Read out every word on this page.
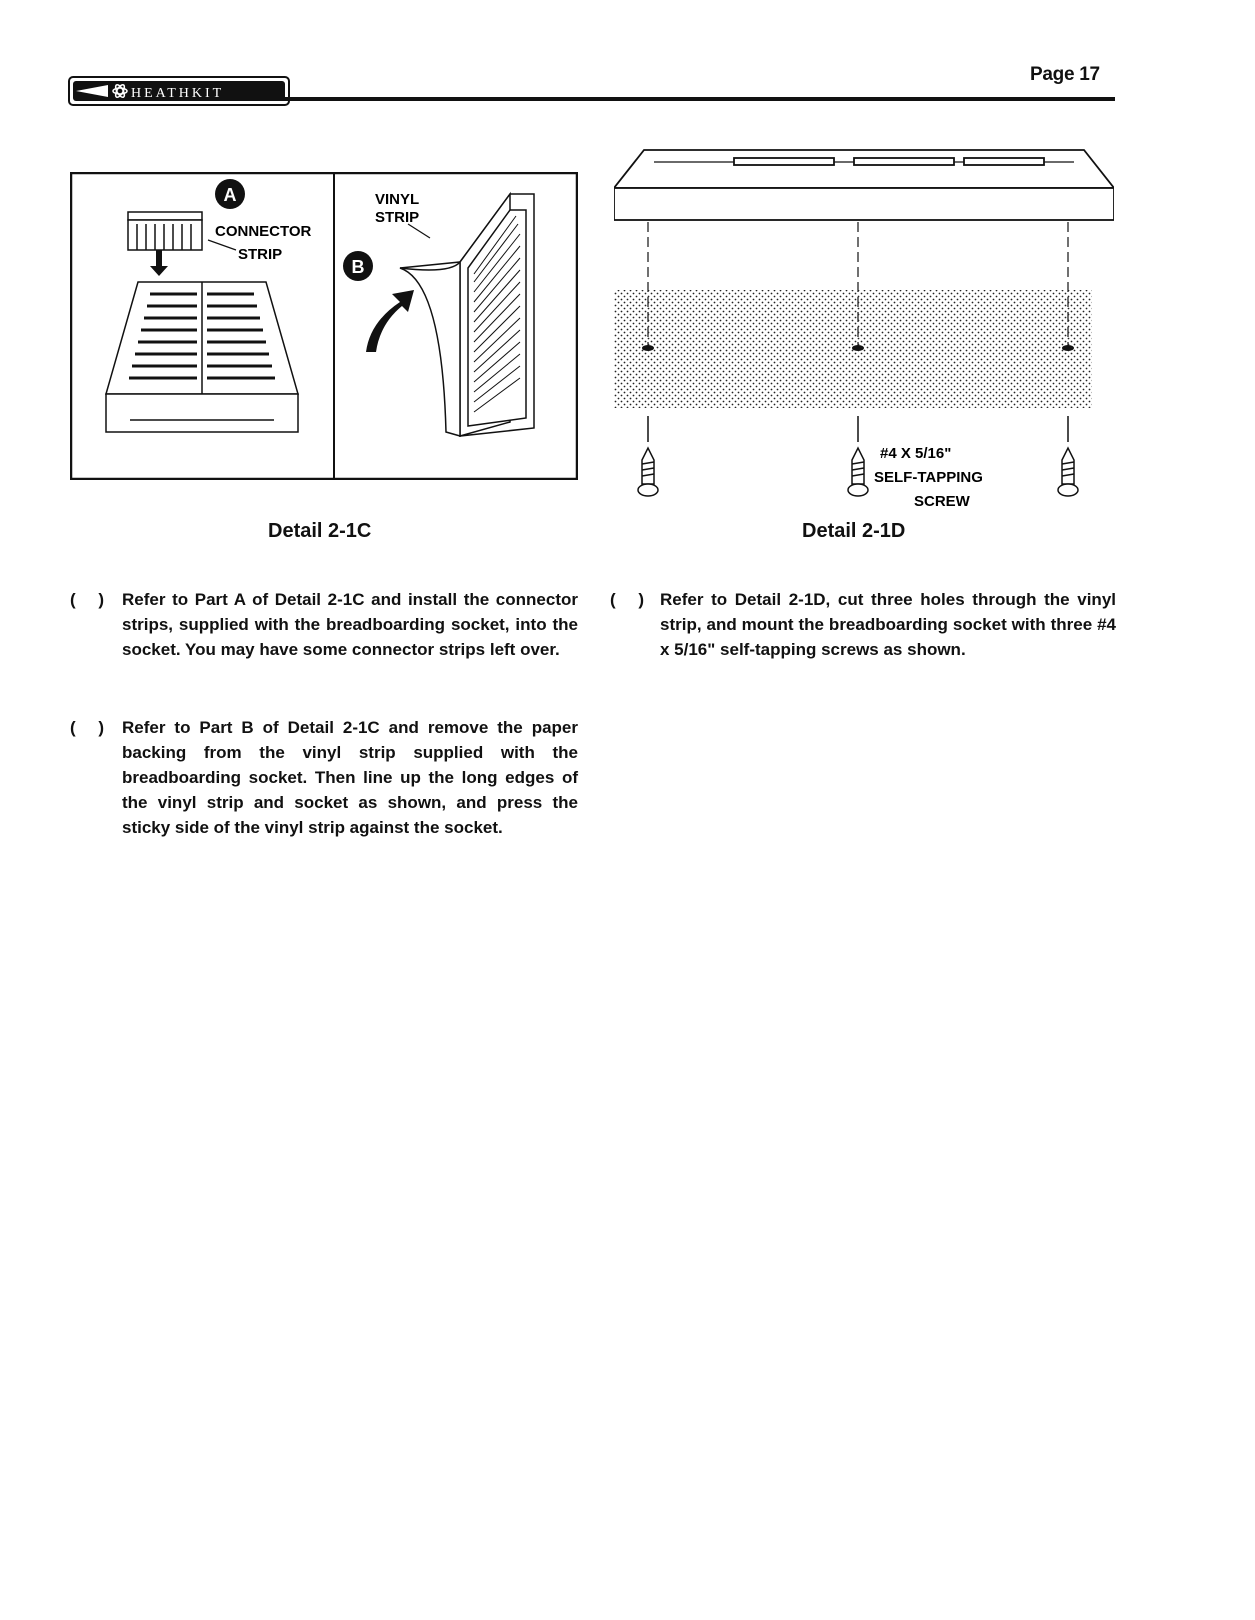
HEATHKIT
Page 17
A
CONNECTOR
STRIP
VINYL
STRIP
B
Detail 2-1C
#4 X 5/16"
SELF-TAPPING
SCREW
Detail 2-1D
( ) Refer to Part A of Detail 2-1C and install the connector strips, supplied with the breadboarding socket, into the socket. You may have some connector strips left over.
( ) Refer to Part B of Detail 2-1C and remove the paper backing from the vinyl strip supplied with the breadboarding socket. Then line up the long edges of the vinyl strip and socket as shown, and press the sticky side of the vinyl strip against the socket.
( ) Refer to Detail 2-1D, cut three holes through the vinyl strip, and mount the breadboarding socket with three #4 x 5/16" self-tapping screws as shown.
